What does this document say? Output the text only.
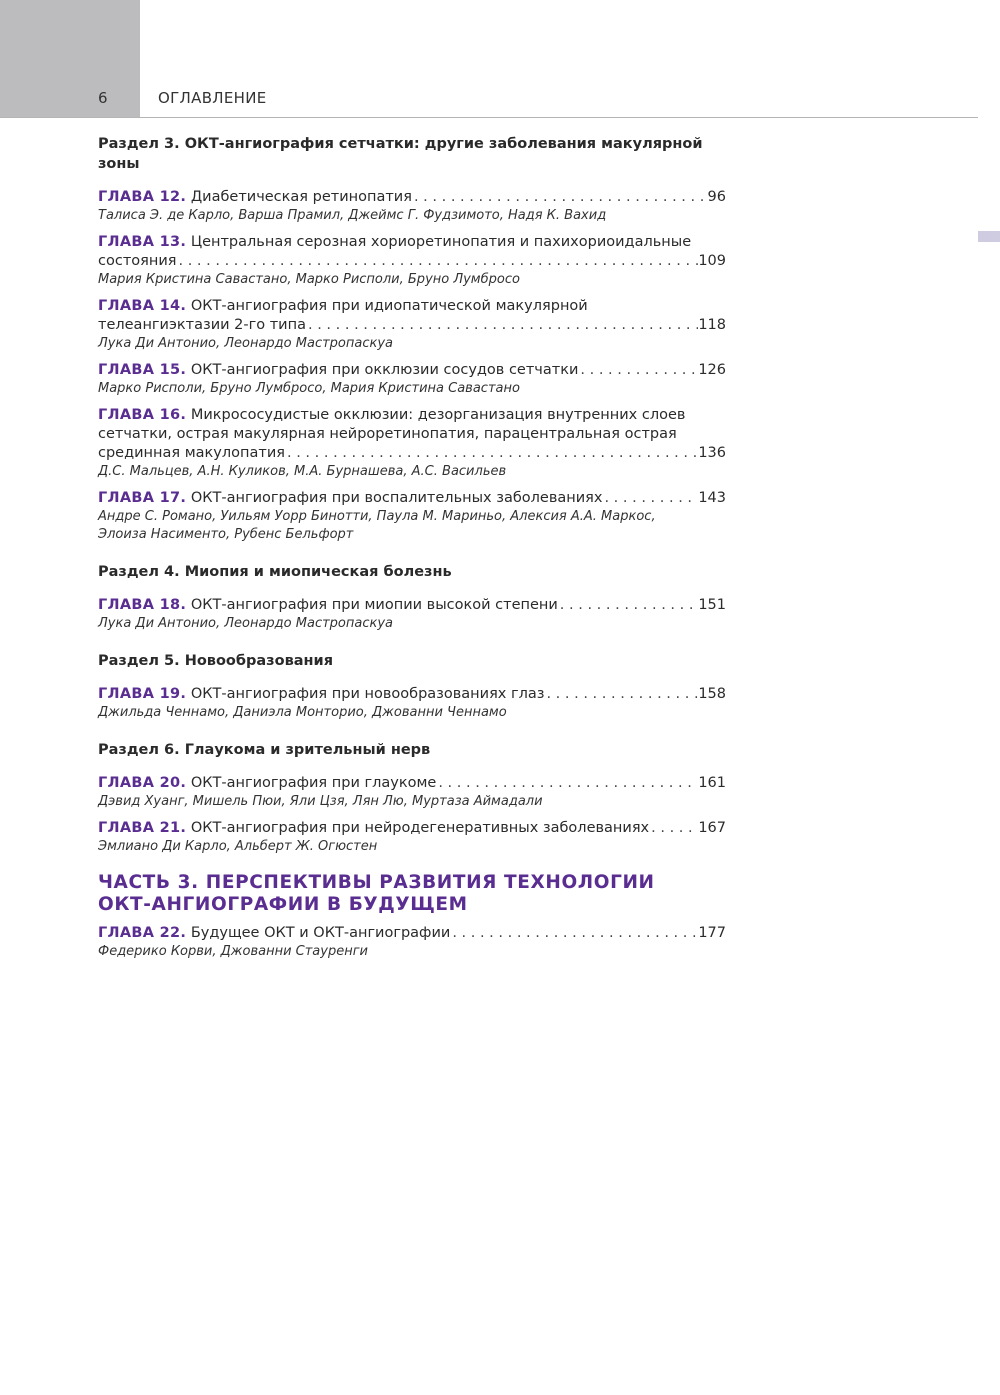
6	ОГЛАВЛЕНИЕ
Раздел 3. ОКТ-ангиография сетчатки: другие заболевания макулярной зоны
ГЛАВА 12. Диабетическая ретинопатия . . .	96
Талиса Э. де Карло, Варша Прамил, Джеймс Г. Фудзимото, Надя К. Вахид
ГЛАВА 13. Центральная серозная хориоретинопатия и пахихориоидальные
состояния . . .	109
Мария Кристина Савастано, Марко Рисполи, Бруно Лумбросо
ГЛАВА 14. ОКТ-ангиография при идиопатической макулярной
телеангиэктазии 2-го типа . . .	118
Лука Ди Антонио, Леонардо Мастропаскуа
ГЛАВА 15. ОКТ-ангиография при окклюзии сосудов сетчатки . . .	126
Марко Рисполи, Бруно Лумбросо, Мария Кристина Савастано
ГЛАВА 16. Микрососудистые окклюзии: дезорганизация внутренних слоев
сетчатки, острая макулярная нейроретинопатия, парацентральная острая
срединная макулопатия . . .	136
Д.С. Мальцев, А.Н. Куликов, М.А. Бурнашева, А.С. Васильев
ГЛАВА 17. ОКТ-ангиография при воспалительных заболеваниях . . .	143
Андре С. Романо, Уильям Уорр Бинотти, Паула М. Мариньо, Алексия А.А. Маркос,
Элоиза Насименто, Рубенс Бельфорт
Раздел 4. Миопия и миопическая болезнь
ГЛАВА 18. ОКТ-ангиография при миопии высокой степени . . .	151
Лука Ди Антонио, Леонардо Мастропаскуа
Раздел 5. Новообразования
ГЛАВА 19. ОКТ-ангиография при новообразованиях глаз . . .	158
Джильда Ченнамо, Даниэла Монторио, Джованни Ченнамо
Раздел 6. Глаукома и зрительный нерв
ГЛАВА 20. ОКТ-ангиография при глаукоме . . .	161
Дэвид Хуанг, Мишель Пюи, Яли Цзя, Лян Лю, Муртаза Аймадали
ГЛАВА 21. ОКТ-ангиография при нейродегенеративных заболеваниях . . .	167
Эмлиано Ди Карло, Альберт Ж. Огюстен
ЧАСТЬ 3. ПЕРСПЕКТИВЫ РАЗВИТИЯ ТЕХНОЛОГИИ
ОКТ-АНГИОГРАФИИ В БУДУЩЕМ
ГЛАВА 22. Будущее ОКТ и ОКТ-ангиографии . . .	177
Федерико Корви, Джованни Стауренги
